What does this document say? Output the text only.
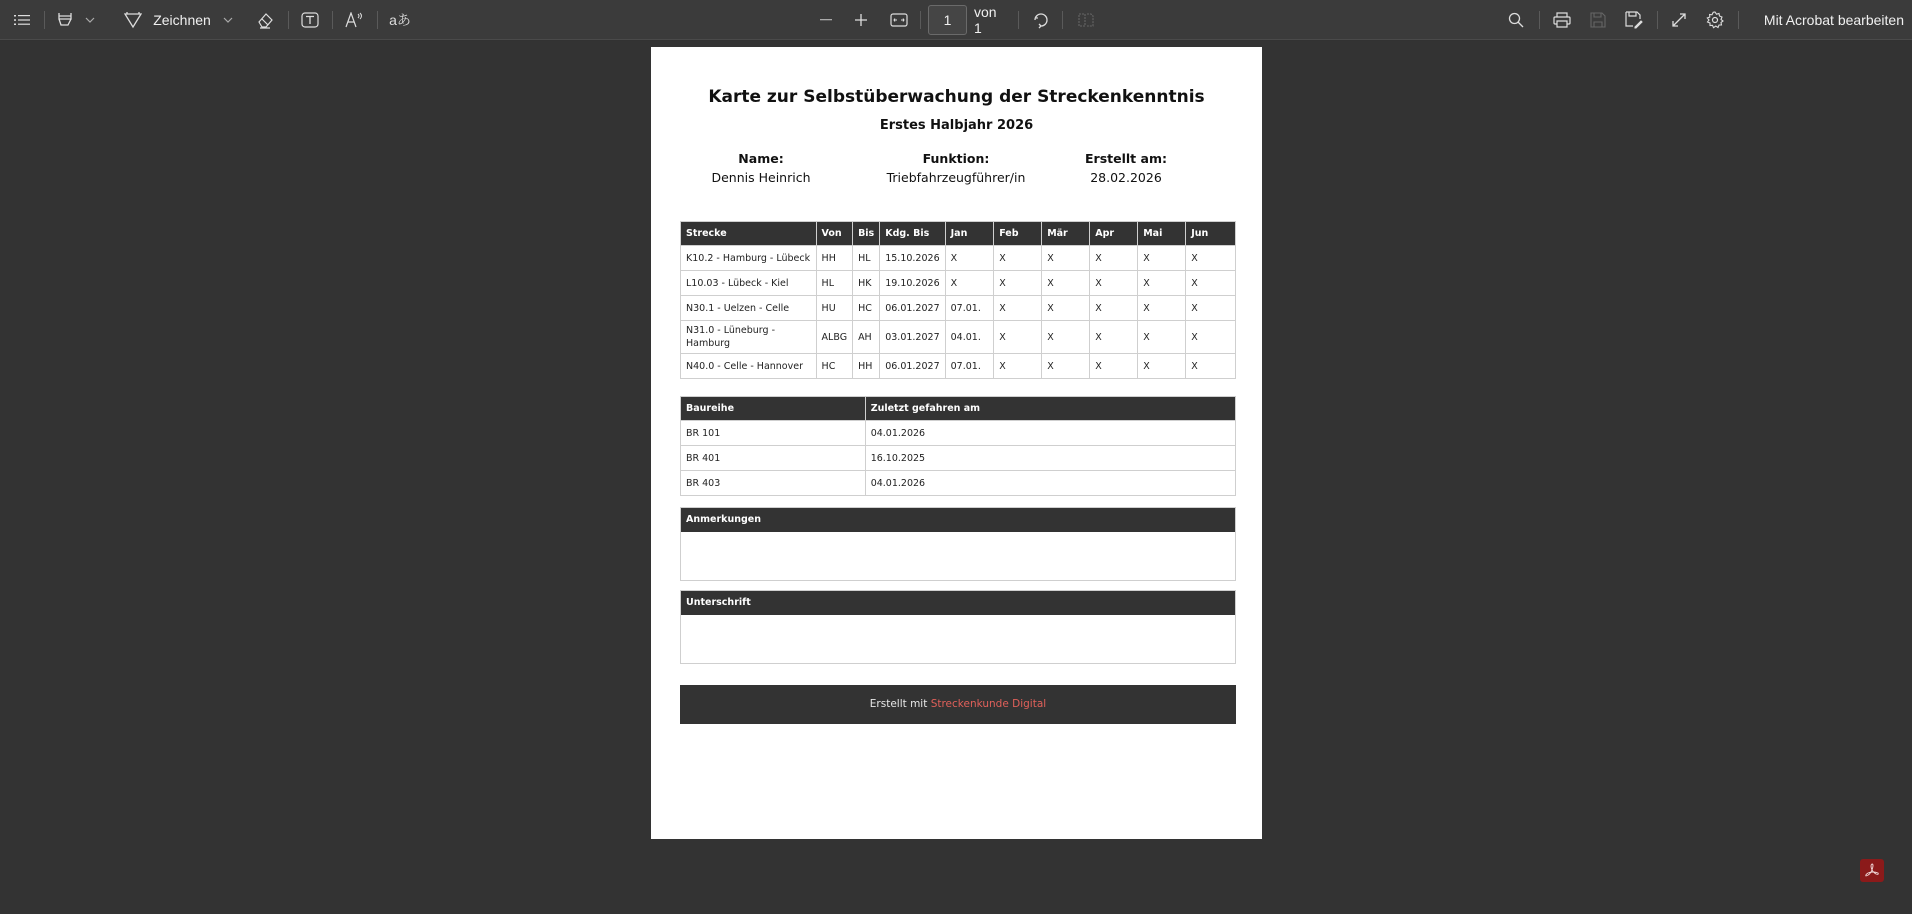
Zeichnen	aあ	1	von 1	Mit Acrobat bearbeiten
Karte zur Selbstüberwachung der Streckenkenntnis
Erstes Halbjahr 2026
Name:
Dennis Heinrich
Funktion:
Triebfahrzeugführer/in
Erstellt am:
28.02.2026
Strecke	Von	Bis	Kdg. Bis	Jan	Feb	Mär	Apr	Mai	Jun
K10.2 - Hamburg - Lübeck	HH	HL	15.10.2026	X	X	X	X	X	X
L10.03 - Lübeck - Kiel	HL	HK	19.10.2026	X	X	X	X	X	X
N30.1 - Uelzen - Celle	HU	HC	06.01.2027	07.01.	X	X	X	X	X
N31.0 - Lüneburg - Hamburg	ALBG	AH	03.01.2027	04.01.	X	X	X	X	X
N40.0 - Celle - Hannover	HC	HH	06.01.2027	07.01.	X	X	X	X	X
Baureihe	Zuletzt gefahren am
BR 101	04.01.2026
BR 401	16.10.2025
BR 403	04.01.2026
Anmerkungen
Unterschrift
Erstellt mit Streckenkunde Digital
